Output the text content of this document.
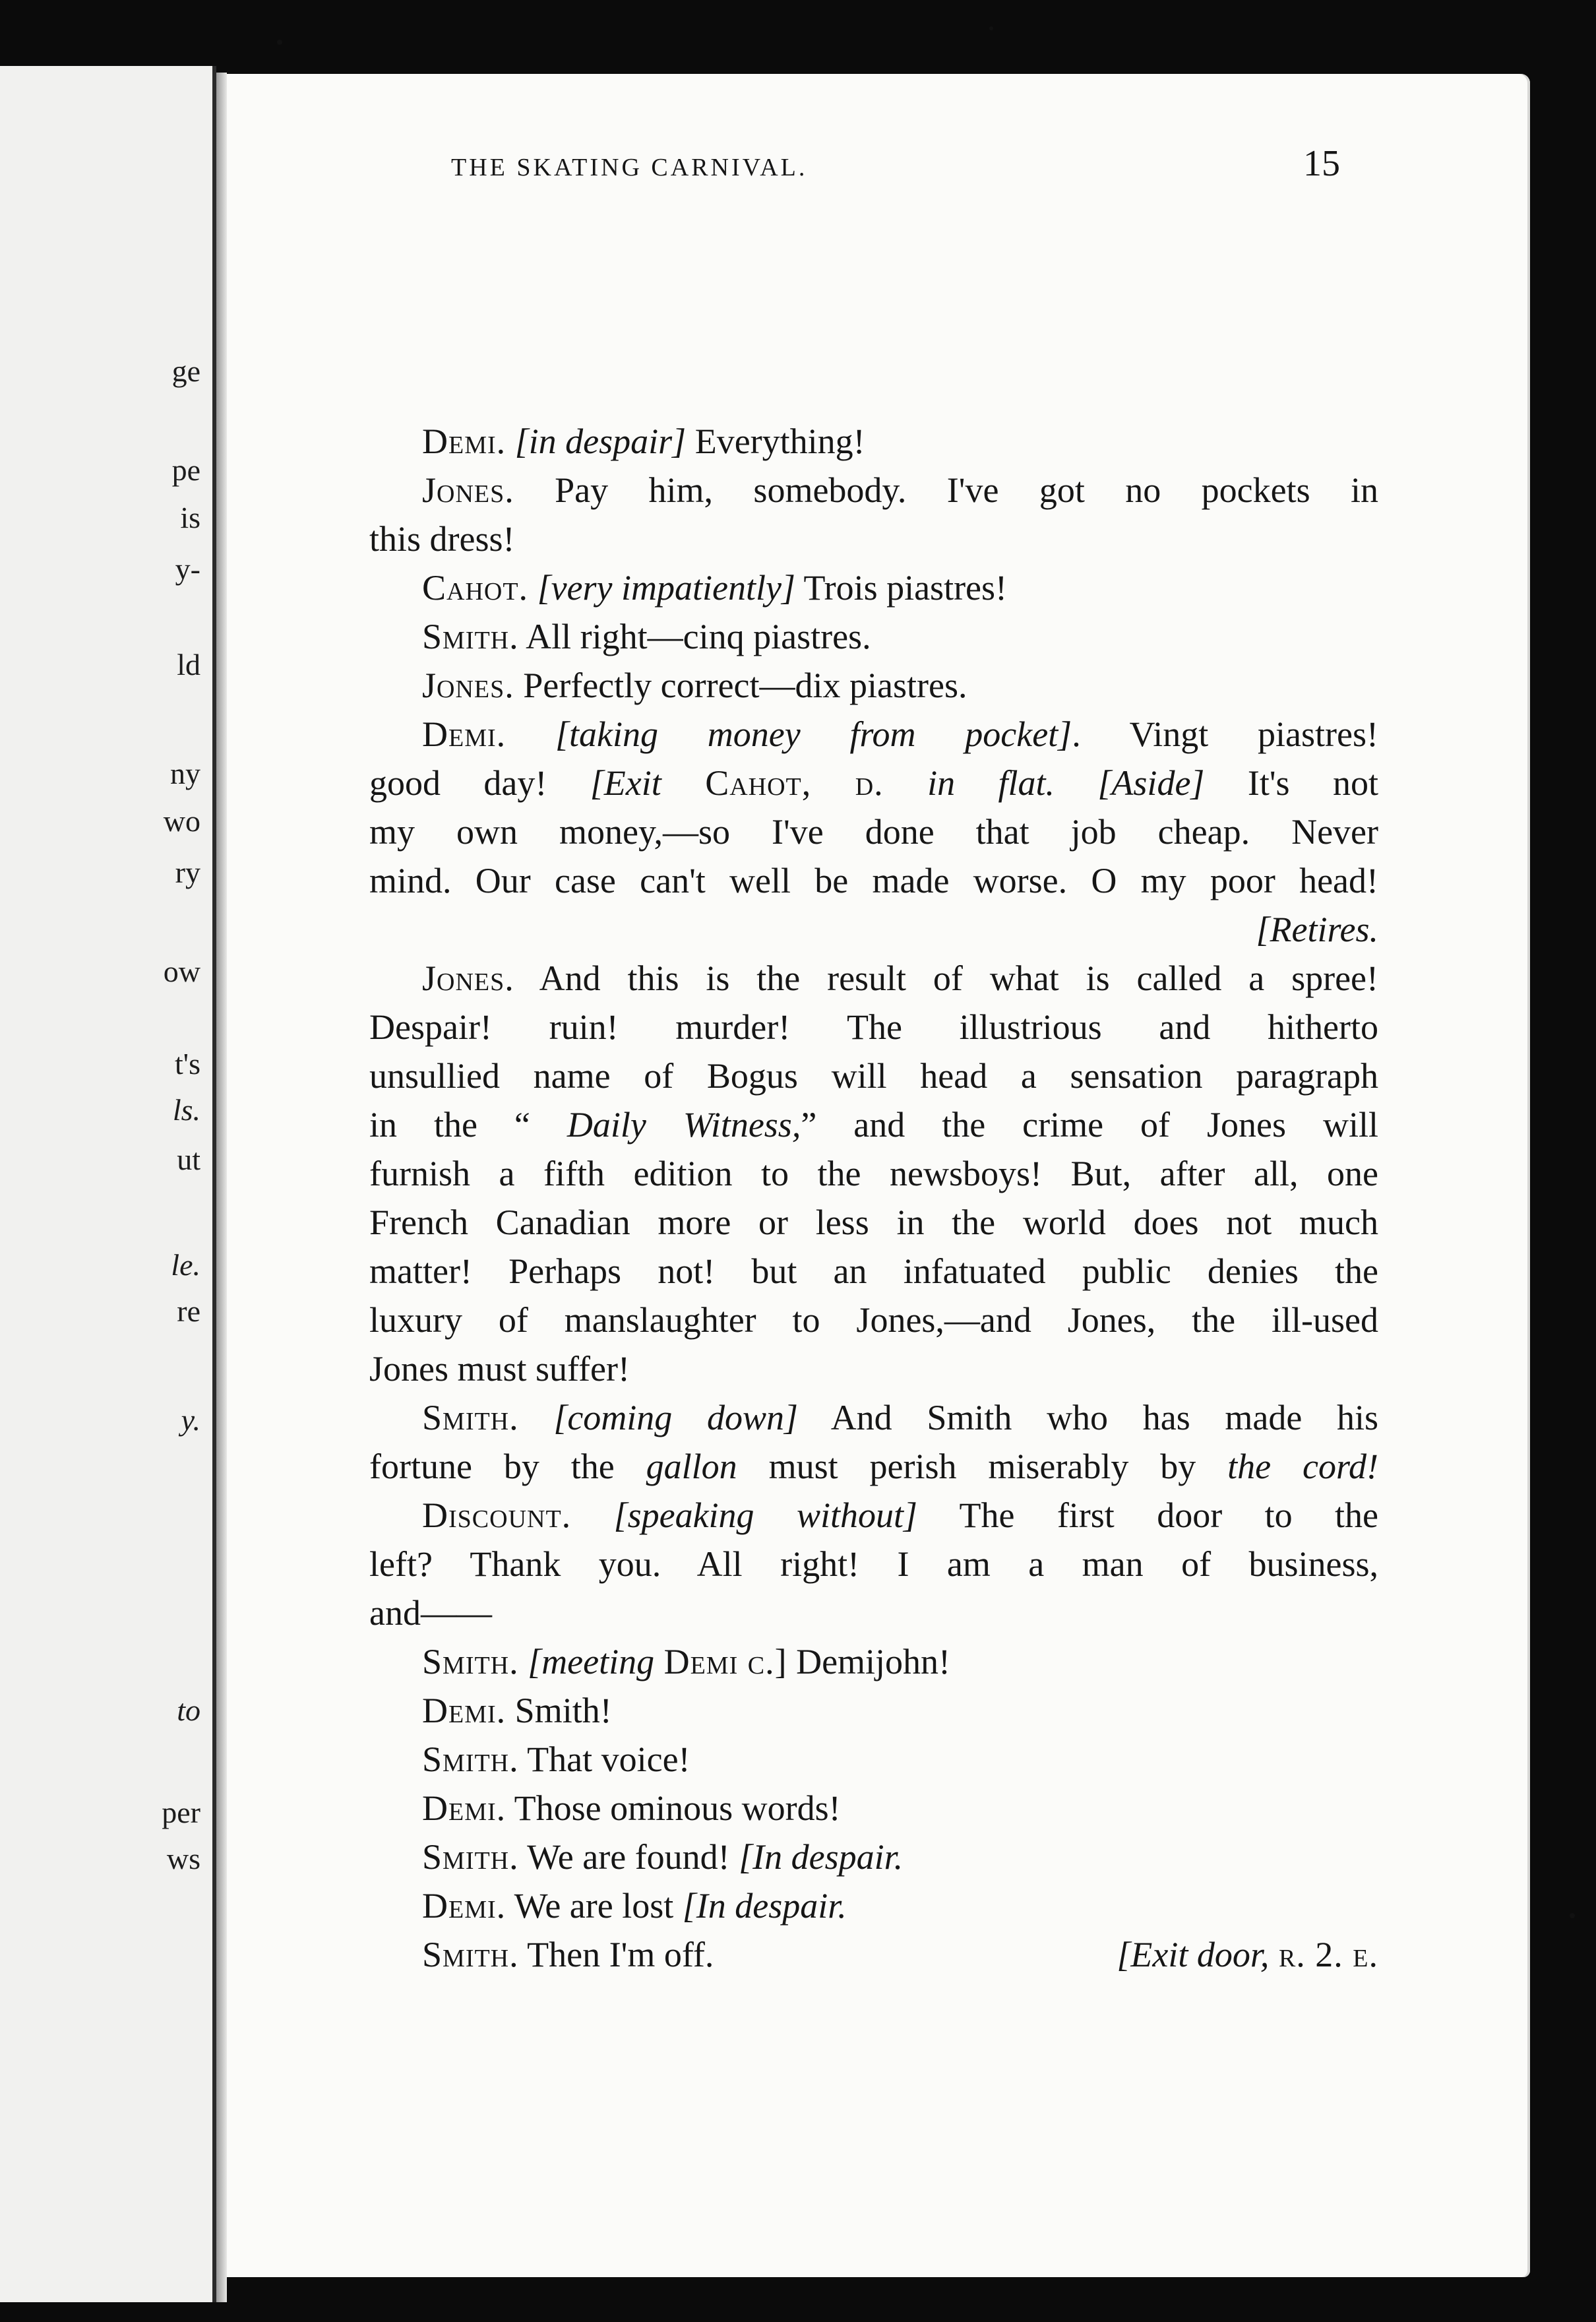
ge
pe
is
y-
ld
ny
wo
ry
ow
t's
ls.
ut
le.
re
y.
to
per
ws
THE SKATING CARNIVAL.	15
Demi. [in despair] Everything!
Jones. Pay him, somebody. I've got no pockets in
this dress!
Cahot. [very impatiently] Trois piastres!
Smith. All right—cinq piastres.
Jones. Perfectly correct—dix piastres.
Demi. [taking money from pocket]. Vingt piastres!
good day! [Exit Cahot, d. in flat. [Aside] It's not
my own money,—so I've done that job cheap. Never
mind. Our case can't well be made worse. O my poor head!
[Retires.
Jones. And this is the result of what is called a spree!
Despair! ruin! murder! The illustrious and hitherto
unsullied name of Bogus will head a sensation paragraph
in the “ Daily Witness,” and the crime of Jones will
furnish a fifth edition to the newsboys! But, after all, one
French Canadian more or less in the world does not much
matter! Perhaps not! but an infatuated public denies the
luxury of manslaughter to Jones,—and Jones, the ill-used
Jones must suffer!
Smith. [coming down] And Smith who has made his
fortune by the gallon must perish miserably by the cord!
Discount. [speaking without] The first door to the
left? Thank you. All right! I am a man of business,
and——
Smith. [meeting Demi c.] Demijohn!
Demi. Smith!
Smith. That voice!
Demi. Those ominous words!
Smith. We are found! [In despair.
Demi. We are lost [In despair.
Smith. Then I'm off.	[Exit door, r. 2. e.
